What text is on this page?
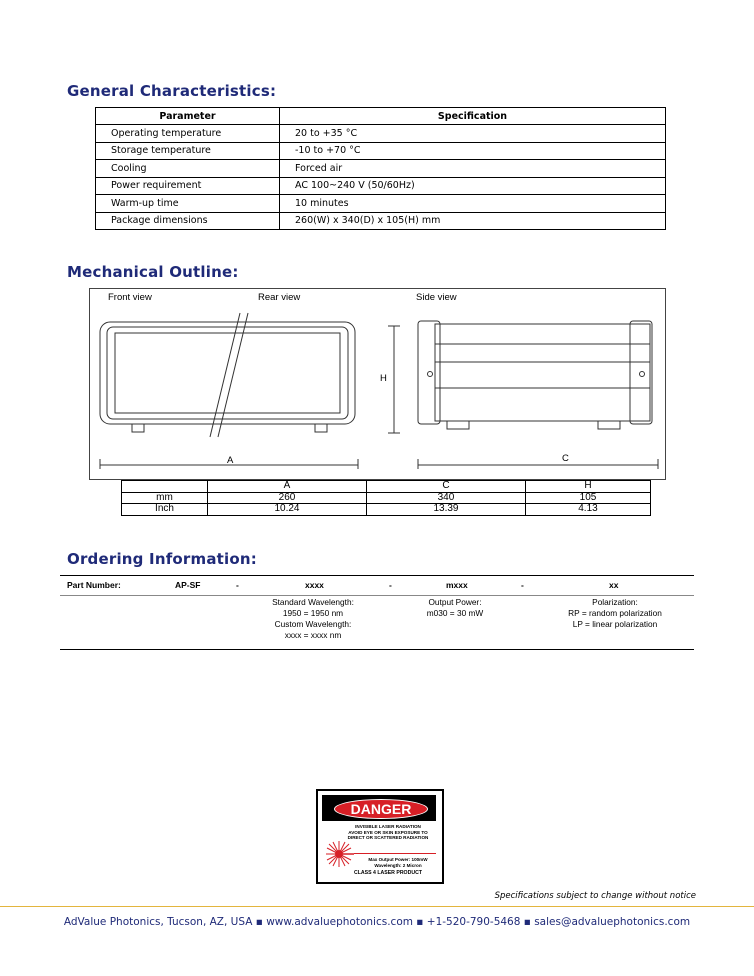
General Characteristics:
Parameter	Specification
Operating temperature	20 to +35 °C
Storage temperature	-10 to +70 °C
Cooling	Forced air
Power requirement	AC 100~240 V (50/60Hz)
Warm-up time	10 minutes
Package dimensions	260(W) x 340(D) x 105(H) mm
Mechanical Outline:
Front view	Rear view	Side view
A
H
C
	A	C	H
mm	260	340	105
Inch	10.24	13.39	4.13
Ordering Information:
Part Number:	AP-SF	-	xxxx	-	mxxx	-	xx
Standard Wavelength:
1950 = 1950 nm
Custom Wavelength:
xxxx = xxxx nm
Output Power:
m030 = 30 mW
Polarization:
RP = random polarization
LP = linear polarization
DANGER
INVISIBLE LASER RADIATION
AVOID EYE OR SKIN EXPOSURE TO
DIRECT OR SCATTERED RADIATION
Max Output Power: 100mW
Wavelength: 2 Micron
CLASS 4 LASER PRODUCT
Specifications subject to change without notice
AdValue Photonics, Tucson, AZ, USA ▪ www.advaluephotonics.com ▪ +1-520-790-5468 ▪ sales@advaluephotonics.com
